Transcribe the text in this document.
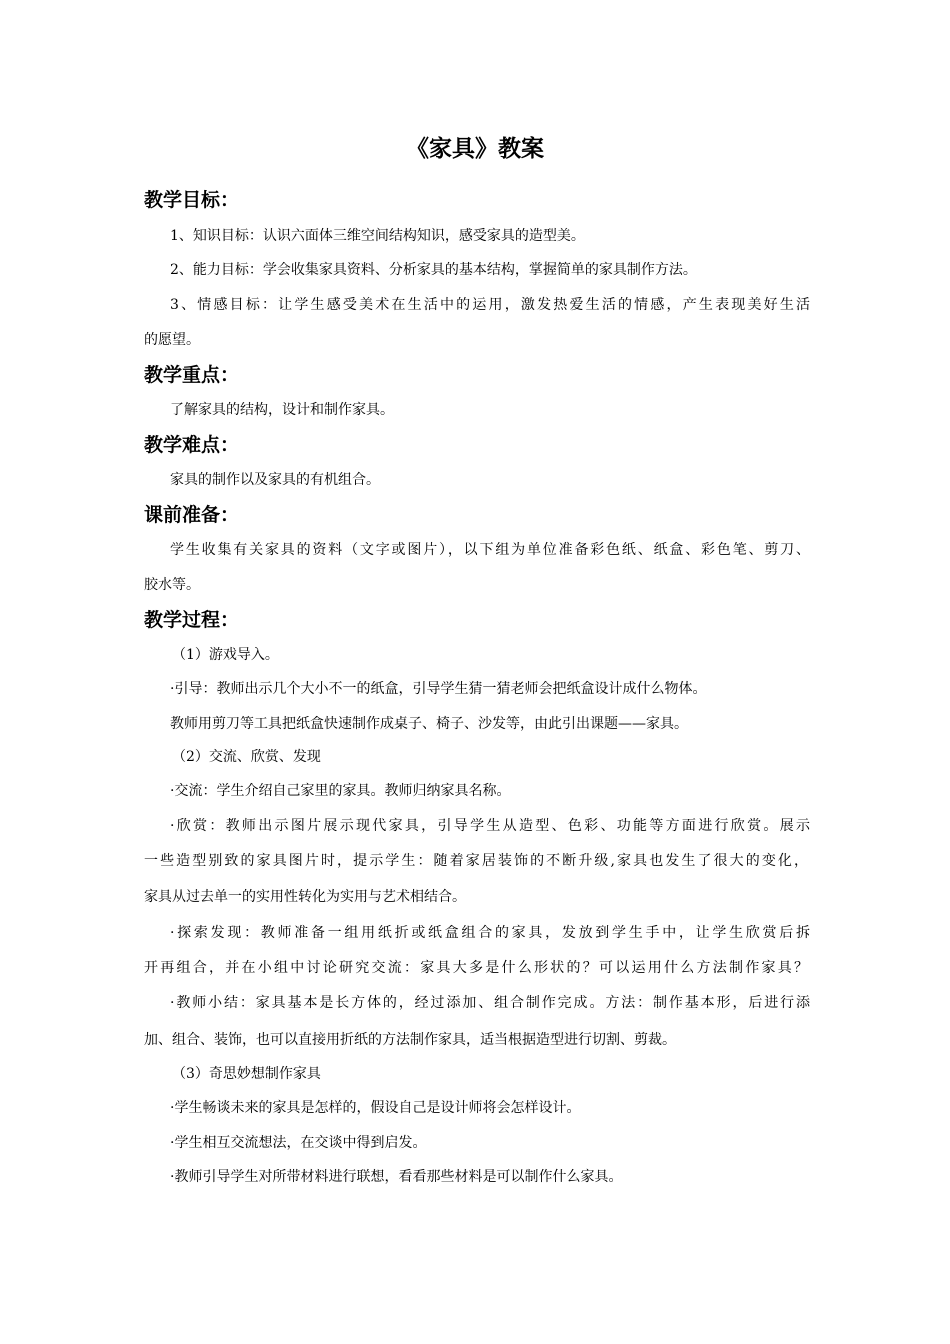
《家具》教案
教学目标：
1、知识目标：认识六面体三维空间结构知识，感受家具的造型美。
2、能力目标：学会收集家具资料、分析家具的基本结构，掌握简单的家具制作方法。
3、情感目标：让学生感受美术在生活中的运用，激发热爱生活的情感，产生表现美好生活
的愿望。
教学重点：
了解家具的结构，设计和制作家具。
教学难点：
家具的制作以及家具的有机组合。
课前准备：
学生收集有关家具的资料（文字或图片），以下组为单位准备彩色纸、纸盒、彩色笔、剪刀、
胶水等。
教学过程：
（1）游戏导入。
·引导：教师出示几个大小不一的纸盒，引导学生猜一猜老师会把纸盒设计成什么物体。
教师用剪刀等工具把纸盒快速制作成桌子、椅子、沙发等，由此引出课题——家具。
（2）交流、欣赏、发现
·交流：学生介绍自己家里的家具。教师归纳家具名称。
·欣赏：教师出示图片展示现代家具，引导学生从造型、色彩、功能等方面进行欣赏。展示
一些造型别致的家具图片时，提示学生：随着家居装饰的不断升级,家具也发生了很大的变化，
家具从过去单一的实用性转化为实用与艺术相结合。
·探索发现：教师准备一组用纸折或纸盒组合的家具，发放到学生手中，让学生欣赏后拆
开再组合，并在小组中讨论研究交流：家具大多是什么形状的？可以运用什么方法制作家具？
·教师小结：家具基本是长方体的，经过添加、组合制作完成。方法：制作基本形，后进行添
加、组合、装饰，也可以直接用折纸的方法制作家具，适当根据造型进行切割、剪裁。
（3）奇思妙想制作家具
·学生畅谈未来的家具是怎样的，假设自己是设计师将会怎样设计。
·学生相互交流想法，在交谈中得到启发。
·教师引导学生对所带材料进行联想，看看那些材料是可以制作什么家具。
